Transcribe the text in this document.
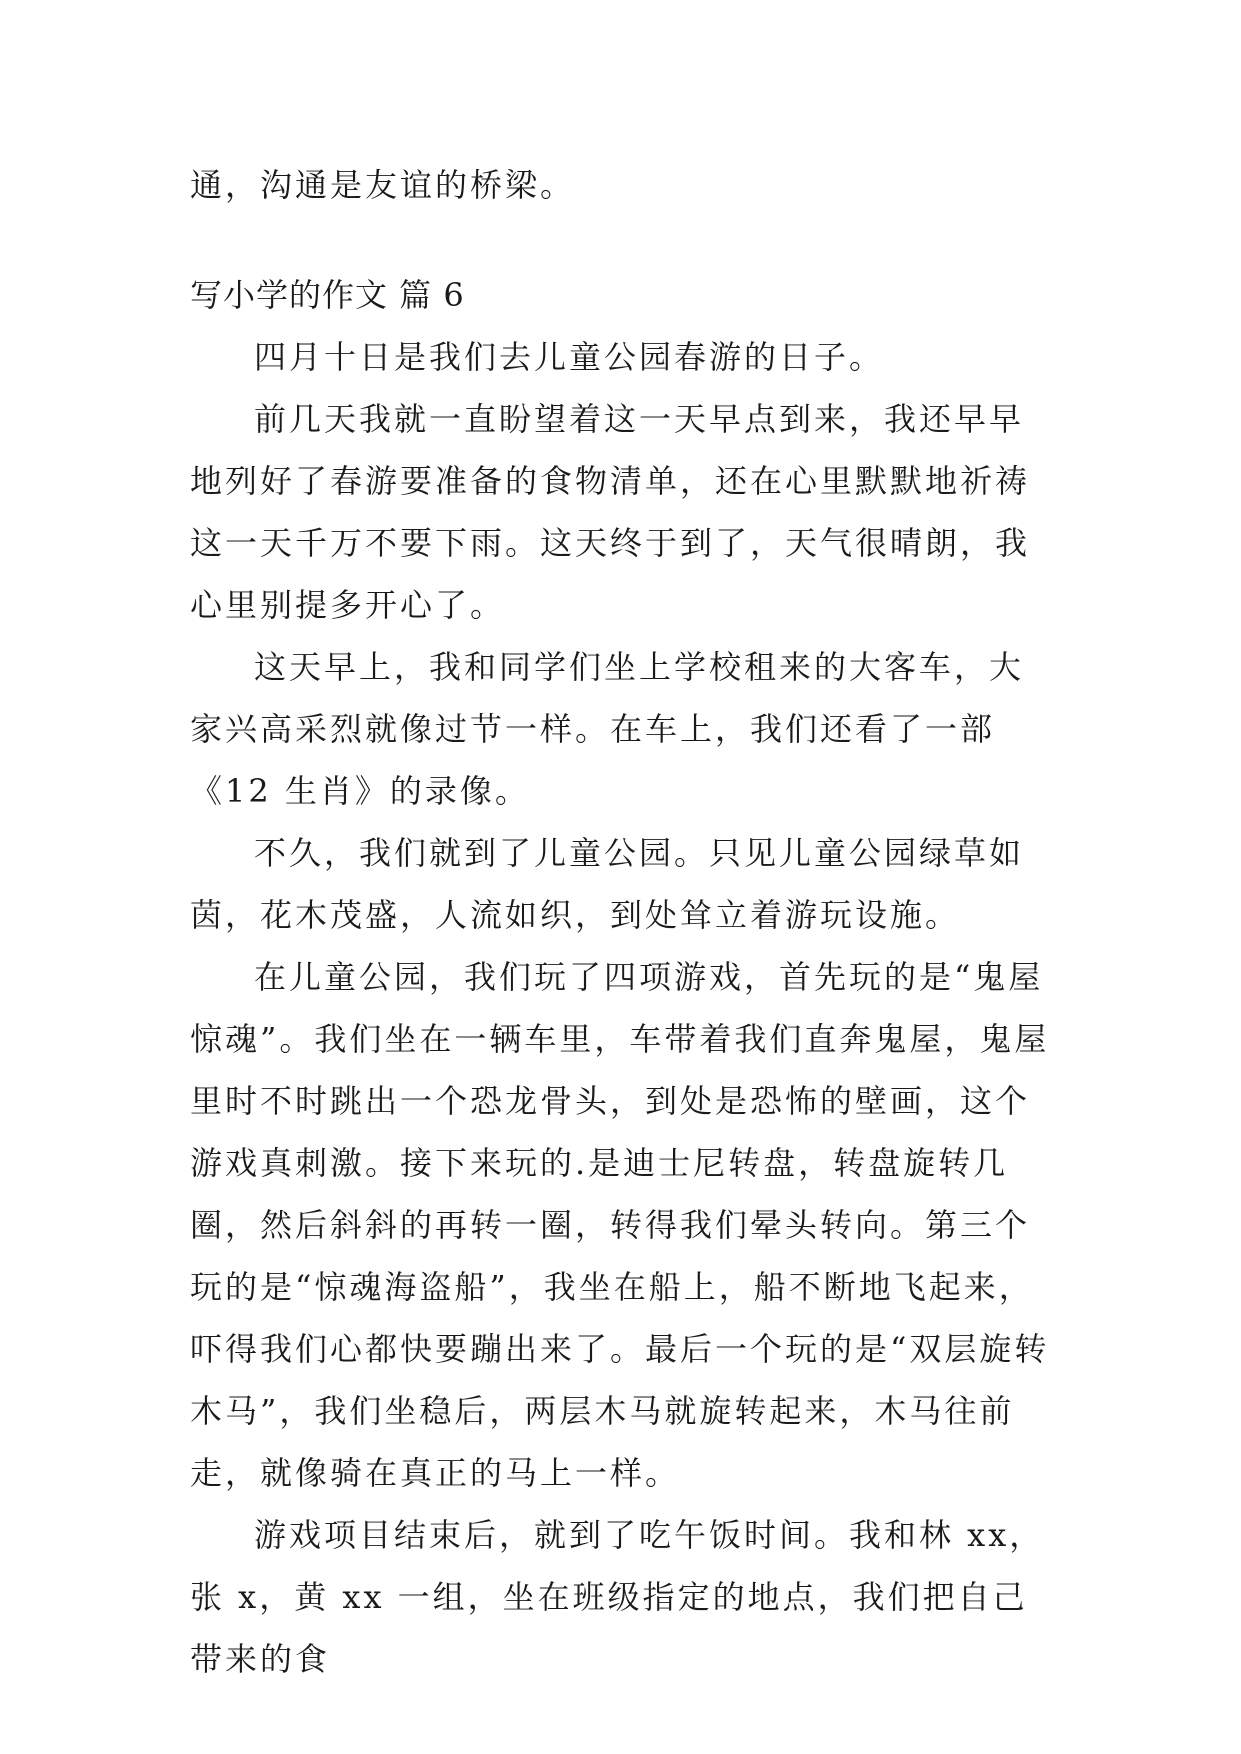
通，沟通是友谊的桥梁。
写小学的作文 篇 6

四月十日是我们去儿童公园春游的日子。

前几天我就一直盼望着这一天早点到来，我还早早地列好了春游要准备的食物清单，还在心里默默地祈祷这一天千万不要下雨。这天终于到了，天气很晴朗，我心里别提多开心了。

这天早上，我和同学们坐上学校租来的大客车，大家兴高采烈就像过节一样。在车上，我们还看了一部《12 生肖》的录像。

不久，我们就到了儿童公园。只见儿童公园绿草如茵，花木茂盛，人流如织，到处耸立着游玩设施。

在儿童公园，我们玩了四项游戏，首先玩的是“鬼屋惊魂”。我们坐在一辆车里，车带着我们直奔鬼屋，鬼屋里时不时跳出一个恐龙骨头，到处是恐怖的壁画，这个游戏真刺激。接下来玩的.是迪士尼转盘，转盘旋转几圈，然后斜斜的再转一圈，转得我们晕头转向。第三个玩的是“惊魂海盗船”，我坐在船上，船不断地飞起来，吓得我们心都快要蹦出来了。最后一个玩的是“双层旋转木马”，我们坐稳后，两层木马就旋转起来，木马往前走，就像骑在真正的马上一样。

游戏项目结束后，就到了吃午饭时间。我和林 xx，张 x，黄 xx 一组，坐在班级指定的地点，我们把自己带来的食
